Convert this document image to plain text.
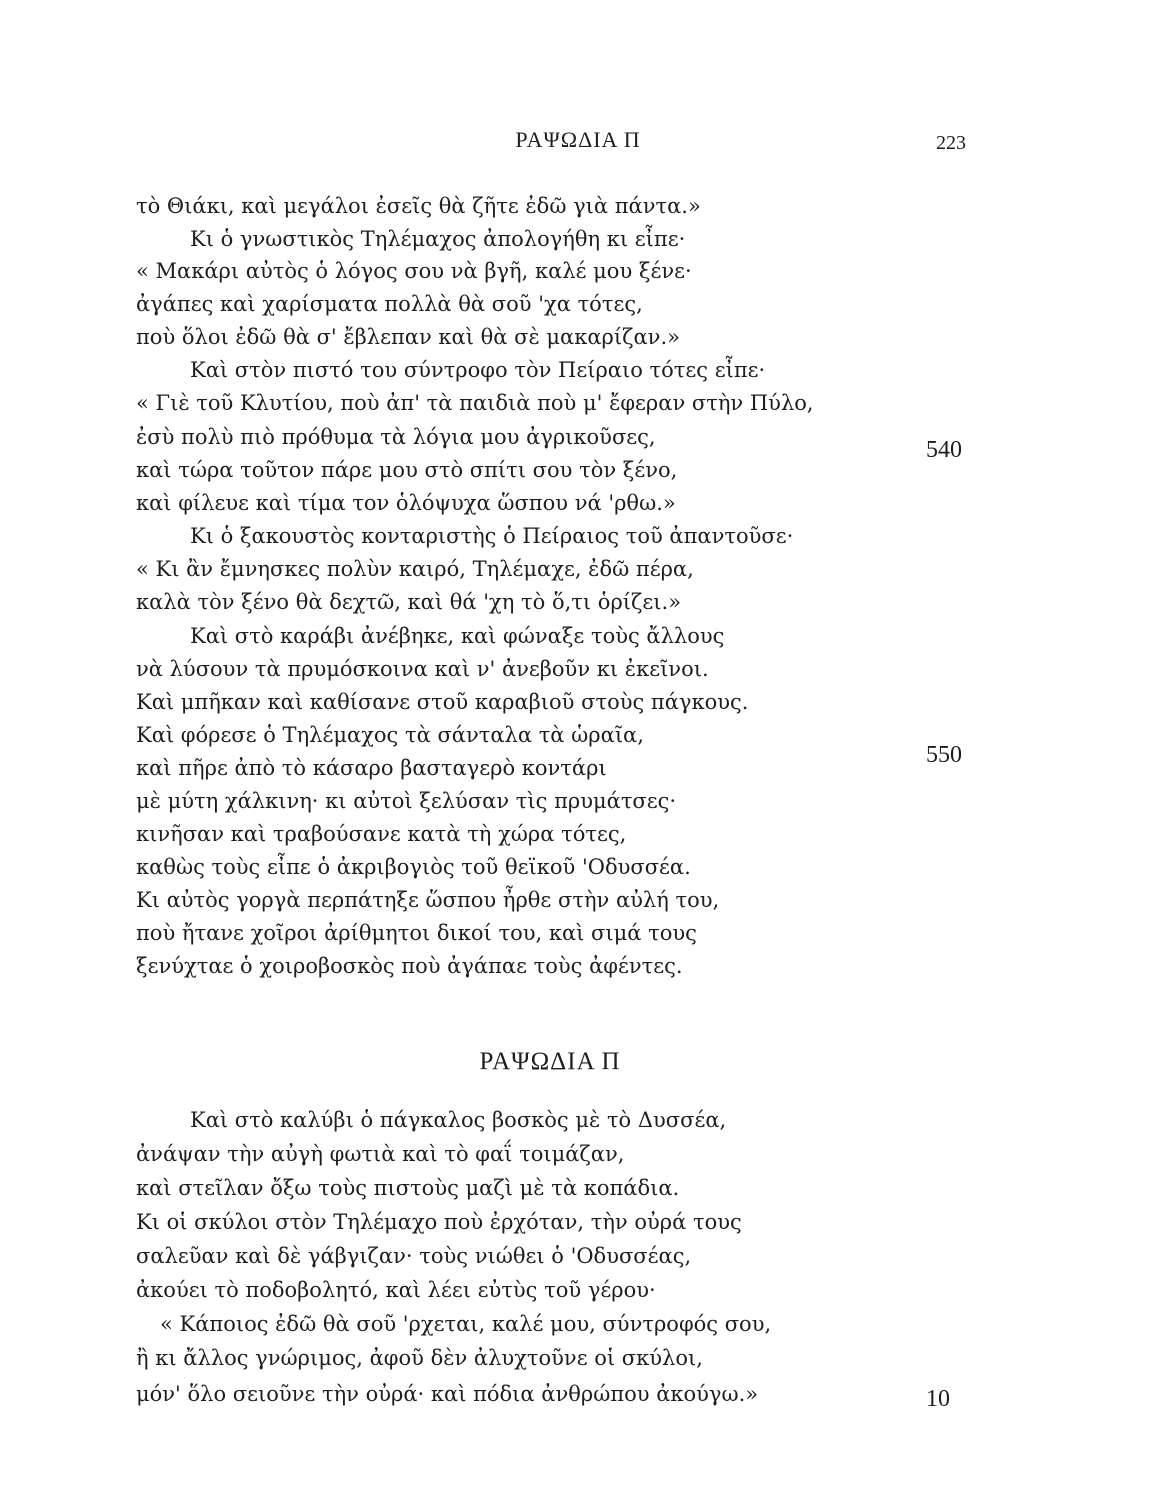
ΡΑΨΩΔΙΑ Π	223
τὸ Θιάκι, καὶ μεγάλοι ἐσεῖς θὰ ζῆτε ἐδῶ γιὰ πάντα.»
Κι ὁ γνωστικὸς Τηλέμαχος ἀπολογήθη κι εἶπε·
« Μακάρι αὐτὸς ὁ λόγος σου νὰ βγῆ, καλέ μου ξένε·
ἀγάπες καὶ χαρίσματα πολλὰ θὰ σοῦ 'χα τότες,
ποὺ ὅλοι ἐδῶ θὰ σ' ἔβλεπαν καὶ θὰ σὲ μακαρίζαν.»
Καὶ στὸν πιστό του σύντροφο τὸν Πείραιο τότες εἶπε·
« Γιὲ τοῦ Κλυτίου, ποὺ ἀπ' τὰ παιδιὰ ποὺ μ' ἔφεραν στὴν Πύλο,
ἐσὺ πολὺ πιὸ πρόθυμα τὰ λόγια μου ἀγρικοῦσες,	540
καὶ τώρα τοῦτον πάρε μου στὸ σπίτι σου τὸν ξένο,
καὶ φίλευε καὶ τίμα τον ὁλόψυχα ὥσπου νά 'ρθω.»
Κι ὁ ξακουστὸς κονταριστὴς ὁ Πείραιος τοῦ ἀπαντοῦσε·
« Κι ἂν ἔμνησκες πολὺν καιρό, Τηλέμαχε, ἐδῶ πέρα,
καλὰ τὸν ξένο θὰ δεχτῶ, καὶ θά 'χη τὸ ὅ,τι ὁρίζει.»
Καὶ στὸ καράβι ἀνέβηκε, καὶ φώναξε τοὺς ἄλλους
νὰ λύσουν τὰ πρυμόσκοινα καὶ ν' ἀνεβοῦν κι ἐκεῖνοι.
Καὶ μπῆκαν καὶ καθίσανε στοῦ καραβιοῦ στοὺς πάγκους.
Καὶ φόρεσε ὁ Τηλέμαχος τὰ σάνταλα τὰ ὡραῖα,
550
καὶ πῆρε ἀπὸ τὸ κάσαρο βασταγερὸ κοντάρι
μὲ μύτη χάλκινη· κι αὐτοὶ ξελύσαν τὶς πρυμάτσες·
κινῆσαν καὶ τραβούσανε κατὰ τὴ χώρα τότες,
καθὼς τοὺς εἶπε ὁ ἀκριβογιὸς τοῦ θεϊκοῦ 'Οδυσσέα.
Κι αὐτὸς γοργὰ περπάτηξε ὥσπου ἦρθε στὴν αὐλή του,
ποὺ ἤτανε χοῖροι ἀρίθμητοι δικοί του, καὶ σιμά τους
ξενύχταε ὁ χοιροβοσκὸς ποὺ ἀγάπαε τοὺς ἀφέντες.
ΡΑΨΩΔΙΑ Π
Καὶ στὸ καλύβι ὁ πάγκαλος βοσκὸς μὲ τὸ Δυσσέα,
ἀνάψαν τὴν αὐγὴ φωτιὰ καὶ τὸ φαΐ τοιμάζαν,
καὶ στεῖλαν ὄξω τοὺς πιστοὺς μαζὶ μὲ τὰ κοπάδια.
Κι οἱ σκύλοι στὸν Τηλέμαχο ποὺ ἐρχόταν, τὴν οὐρά τους
σαλεῦαν καὶ δὲ γάβγιζαν· τοὺς νιώθει ὁ 'Οδυσσέας,
ἀκούει τὸ ποδοβολητό, καὶ λέει εὐτὺς τοῦ γέρου·
« Κάποιος ἐδῶ θὰ σοῦ 'ρχεται, καλέ μου, σύντροφός σου,
ἢ κι ἄλλος γνώριμος, ἀφοῦ δὲν ἀλυχτοῦνε οἱ σκύλοι,
μόν' ὅλο σειοῦνε τὴν οὐρά· καὶ πόδια ἀνθρώπου ἀκούγω.»	10
